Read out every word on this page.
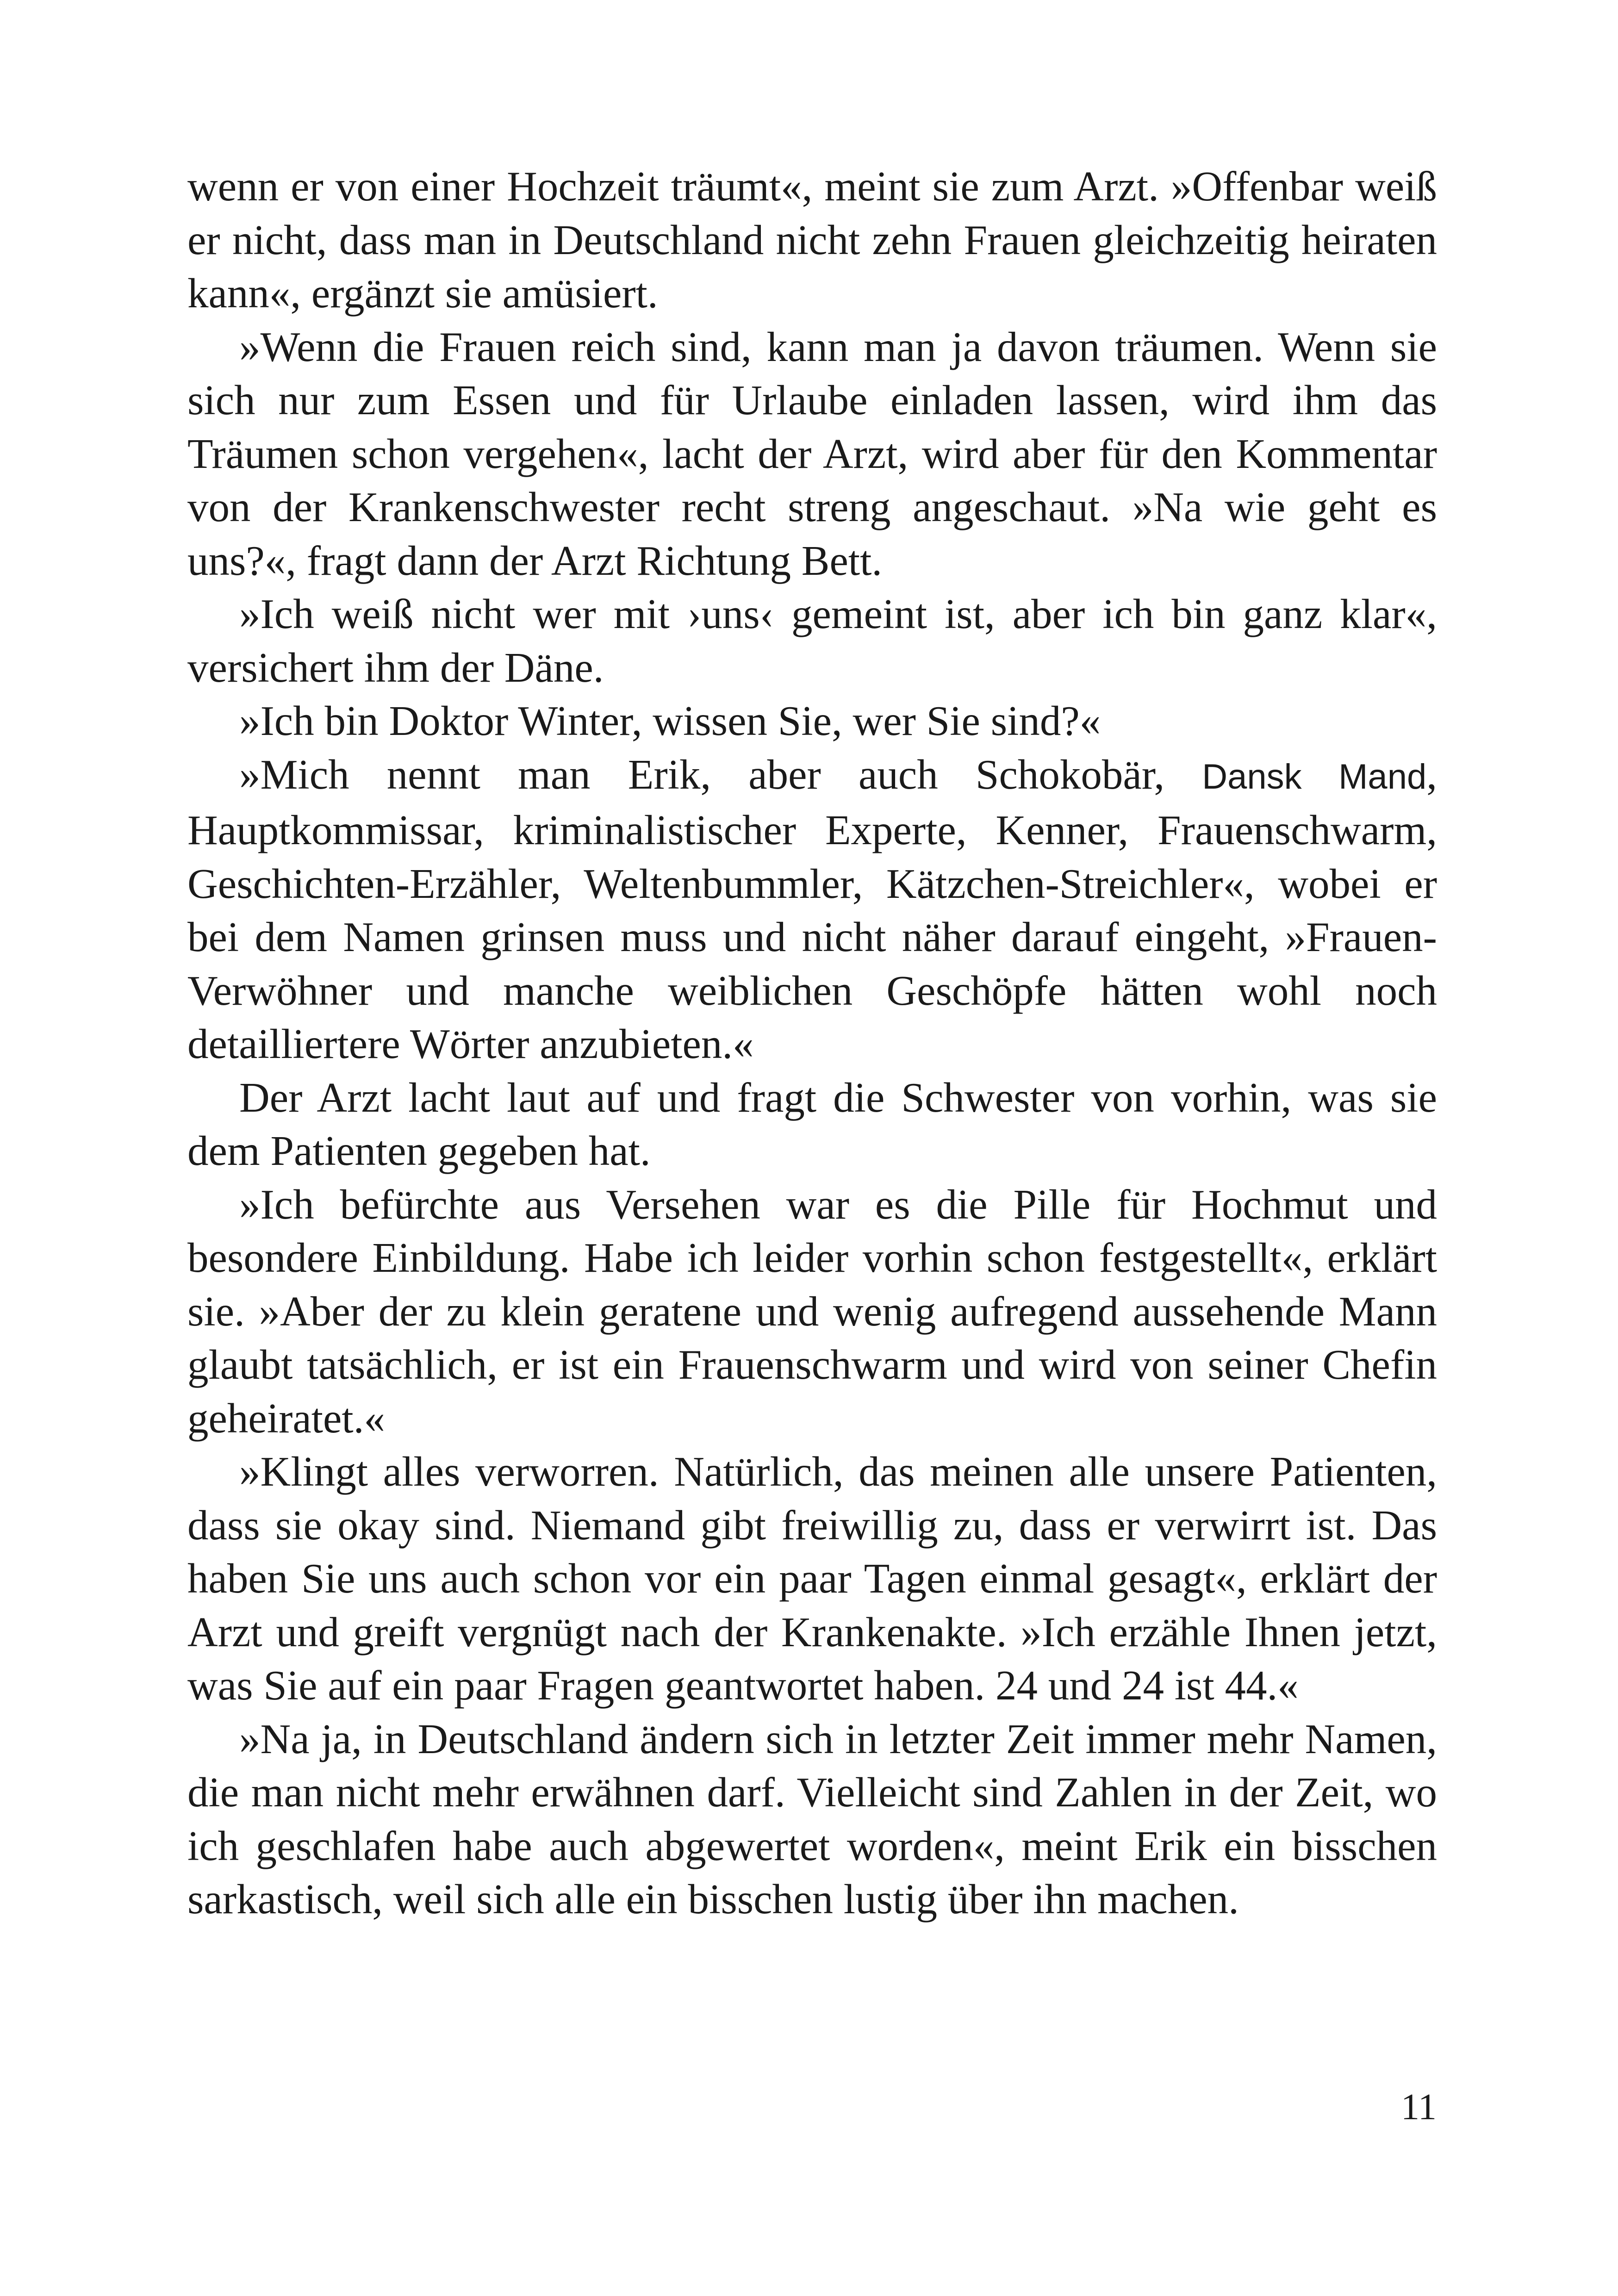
wenn er von einer Hochzeit träumt«, meint sie zum Arzt. »Offenbar weiß er nicht, dass man in Deutschland nicht zehn Frauen gleichzeitig heiraten kann«, ergänzt sie amüsiert.

»Wenn die Frauen reich sind, kann man ja davon träumen. Wenn sie sich nur zum Essen und für Urlaube einladen lassen, wird ihm das Träumen schon vergehen«, lacht der Arzt, wird aber für den Kommentar von der Krankenschwester recht streng angeschaut. »Na wie geht es uns?«, fragt dann der Arzt Richtung Bett.

»Ich weiß nicht wer mit ›uns‹ gemeint ist, aber ich bin ganz klar«, versichert ihm der Däne.

»Ich bin Doktor Winter, wissen Sie, wer Sie sind?«

»Mich nennt man Erik, aber auch Schokobär, Dansk Mand, Hauptkommissar, kriminalistischer Experte, Kenner, Frauenschwarm, Geschichten-Erzähler, Weltenbummler, Kätzchen-Streichler«, wobei er bei dem Namen grinsen muss und nicht näher darauf eingeht, »Frauen-Verwöhner und manche weiblichen Geschöpfe hätten wohl noch detailliertere Wörter anzubieten.«

Der Arzt lacht laut auf und fragt die Schwester von vorhin, was sie dem Patienten gegeben hat.

»Ich befürchte aus Versehen war es die Pille für Hochmut und besondere Einbildung. Habe ich leider vorhin schon festgestellt«, erklärt sie. »Aber der zu klein geratene und wenig aufregend aussehende Mann glaubt tatsächlich, er ist ein Frauenschwarm und wird von seiner Chefin geheiratet.«

»Klingt alles verworren. Natürlich, das meinen alle unsere Patienten, dass sie okay sind. Niemand gibt freiwillig zu, dass er verwirrt ist. Das haben Sie uns auch schon vor ein paar Tagen einmal gesagt«, erklärt der Arzt und greift vergnügt nach der Krankenakte. »Ich erzähle Ihnen jetzt, was Sie auf ein paar Fragen geantwortet haben. 24 und 24 ist 44.«

»Na ja, in Deutschland ändern sich in letzter Zeit immer mehr Namen, die man nicht mehr erwähnen darf. Vielleicht sind Zahlen in der Zeit, wo ich geschlafen habe auch abgewertet worden«, meint Erik ein bisschen sarkastisch, weil sich alle ein bisschen lustig über ihn machen.

11
